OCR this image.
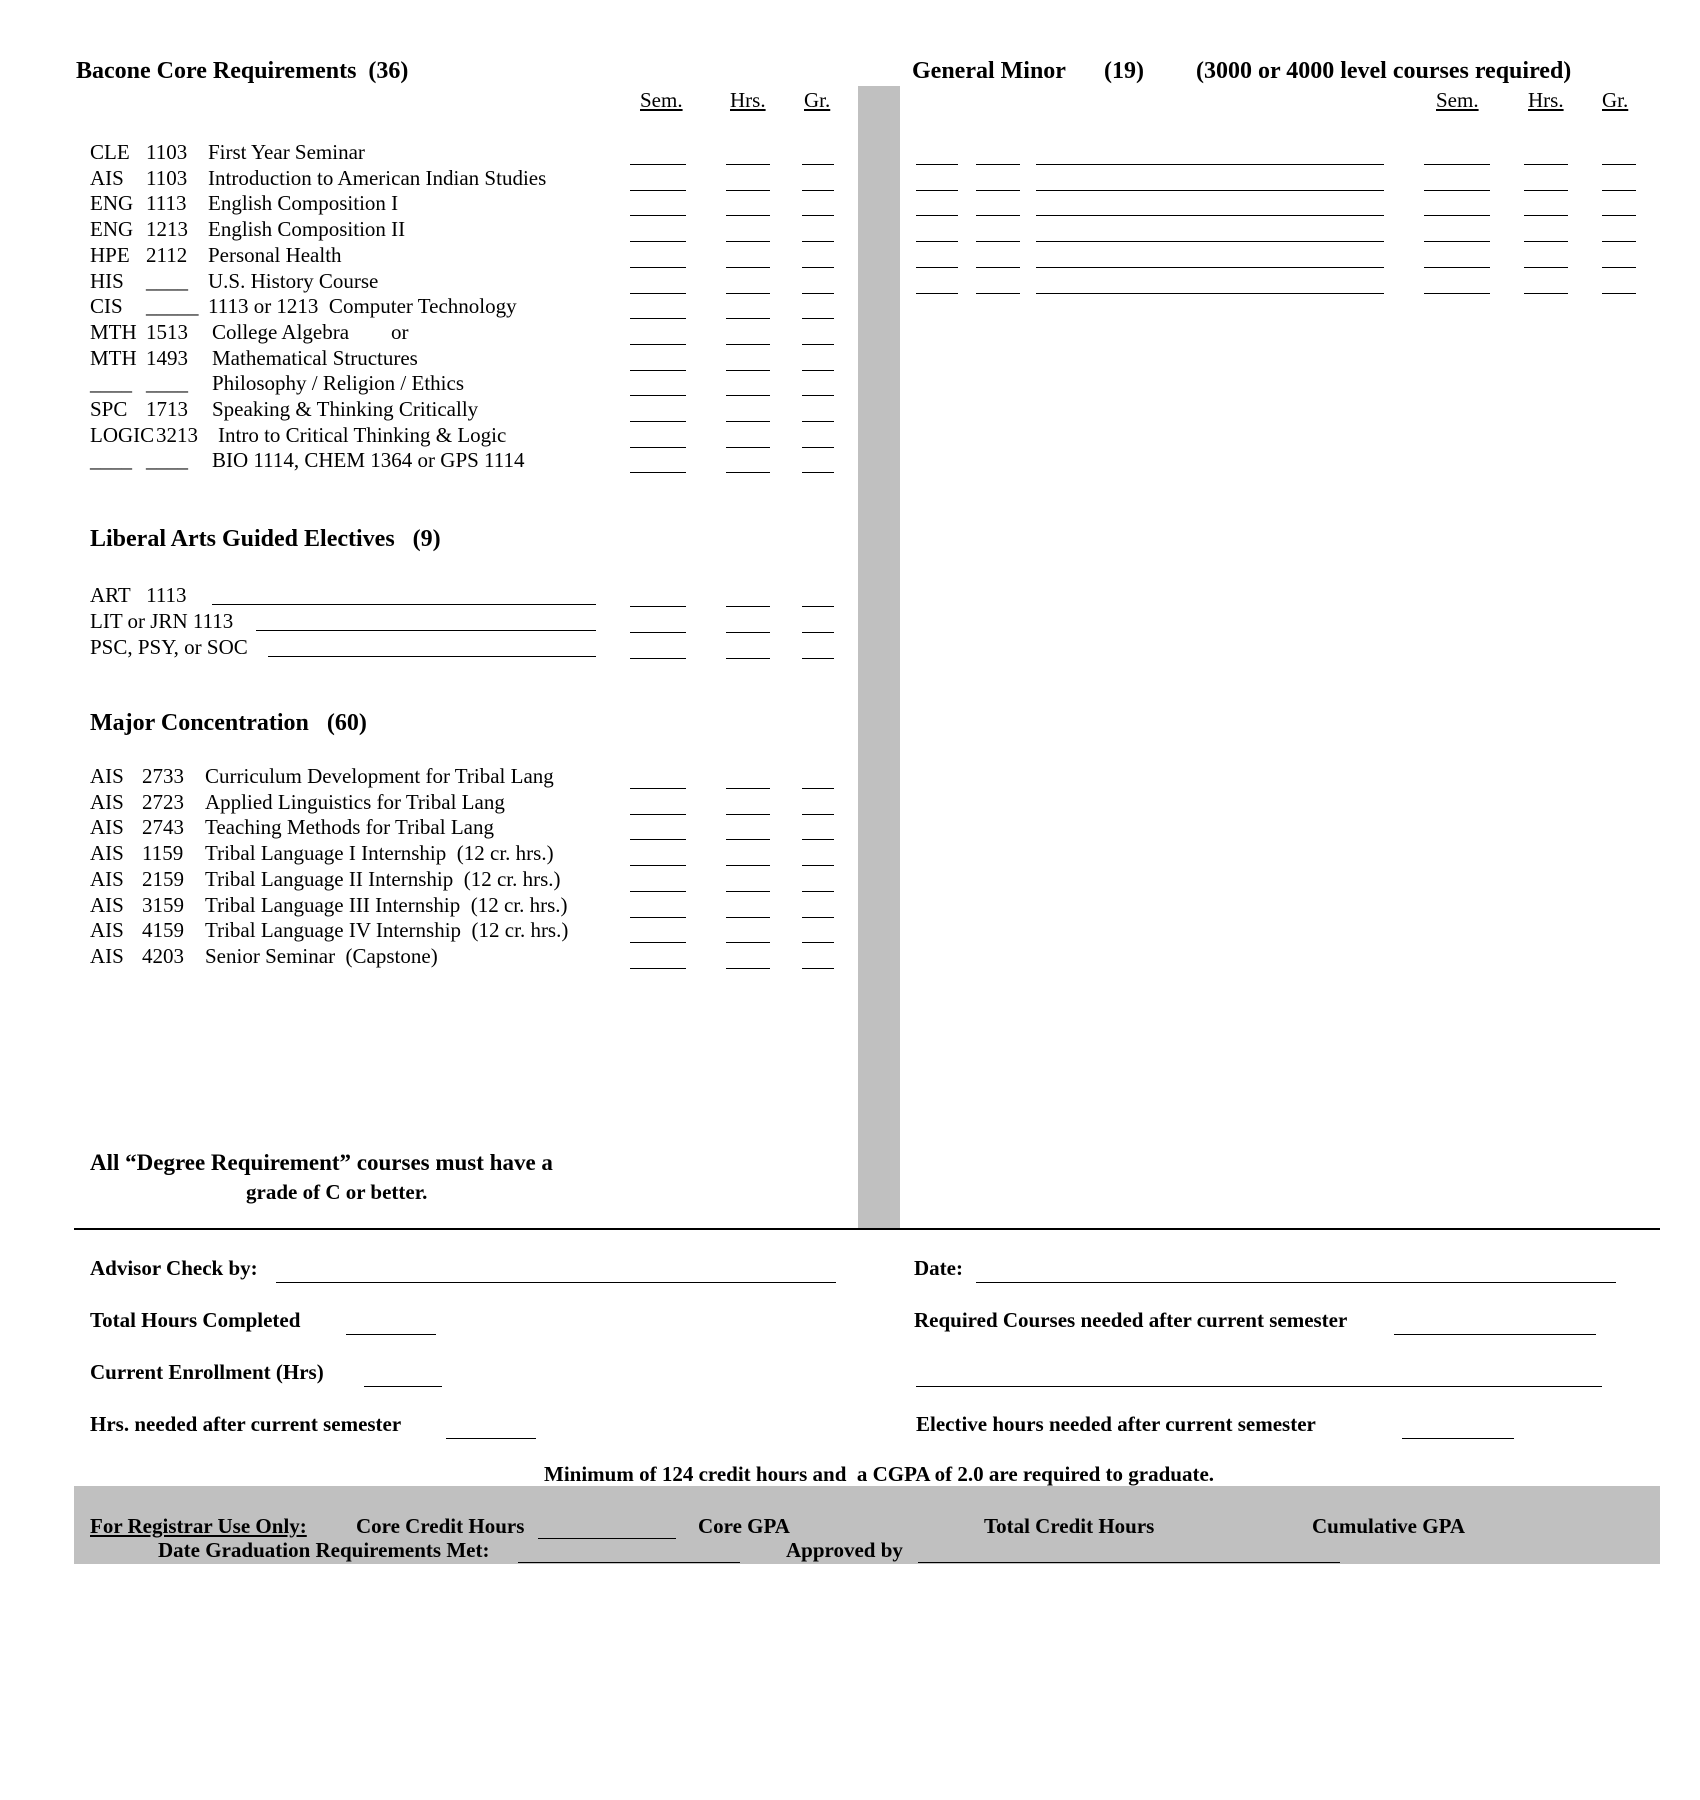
Bacone Core Requirements  (36)
Sem. Hrs. Gr.
CLE 1103 First Year Seminar
AIS 1103 Introduction to American Indian Studies
ENG 1113 English Composition I
ENG 1213 English Composition II
HPE 2112 Personal Health
HIS ____ U.S. History Course
CIS _____ 1113 or 1213  Computer Technology
MTH 1513 College Algebra        or
MTH 1493 Mathematical Structures
____ ____ Philosophy / Religion / Ethics
SPC 1713 Speaking & Thinking Critically
LOGIC 3213 Intro to Critical Thinking & Logic
____ ____ BIO 1114, CHEM 1364 or GPS 1114
Liberal Arts Guided Electives   (9)
ART   1113
LIT or JRN 1113
PSC, PSY, or SOC
Major Concentration   (60)
AIS 2733 Curriculum Development for Tribal Lang
AIS 2723 Applied Linguistics for Tribal Lang
AIS 2743 Teaching Methods for Tribal Lang
AIS 1159 Tribal Language I Internship  (12 cr. hrs.)
AIS 2159 Tribal Language II Internship  (12 cr. hrs.)
AIS 3159 Tribal Language III Internship  (12 cr. hrs.)
AIS 4159 Tribal Language IV Internship  (12 cr. hrs.)
AIS 4203 Senior Seminar  (Capstone)
All “Degree Requirement” courses must have a
grade of C or better.
General Minor (19) (3000 or 4000 level courses required)
Sem. Hrs. Gr.
Advisor Check by:	Date:
Total Hours Completed	Required Courses needed after current semester
Current Enrollment (Hrs)
Hrs. needed after current semester	Elective hours needed after current semester
Minimum of 124 credit hours and  a CGPA of 2.0 are required to graduate.
For Registrar Use Only: Core Credit Hours	Core GPA	Total Credit Hours	Cumulative GPA
Date Graduation Requirements Met:	Approved by
